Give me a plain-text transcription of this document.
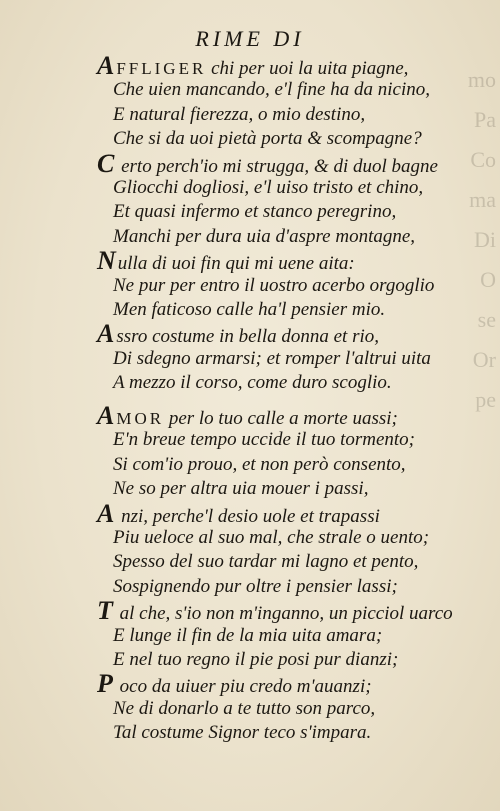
mo Pa Co ma Di O se Or pe
RIME DI
AFFLIGER chi per uoi la uita piagne,
Che uien mancando, e'l fine ha da nicino,
E natural fierezza, o mio destino,
Che si da uoi pietà porta & scompagne?
C erto perch'io mi strugga, & di duol bagne
Gliocchi dogliosi, e'l uiso tristo et chino,
Et quasi infermo et stanco peregrino,
Manchi per dura uia d'aspre montagne,
N ulla di uoi fin qui mi uene aita:
Ne pur per entro il uostro acerbo orgoglio
Men faticoso calle ha'l pensier mio.
A ssro costume in bella donna et rio,
Di sdegno armarsi; et romper l'altrui uita
A mezzo il corso, come duro scoglio.
AMOR per lo tuo calle a morte uassi;
E'n breue tempo uccide il tuo tormento;
Si com'io prouo, et non però consento,
Ne so per altra uia mouer i passi,
A nzi, perche'l desio uole et trapassi
Piu ueloce al suo mal, che strale o uento;
Spesso del suo tardar mi lagno et pento,
Sospignendo pur oltre i pensier lassi;
T al che, s'io non m'inganno, un picciol uarco
E lunge il fin de la mia uita amara;
E nel tuo regno il pie posi pur dianzi;
P oco da uiuer piu credo m'auanzi;
Ne di donarlo a te tutto son parco,
Tal costume Signor teco s'impara.
